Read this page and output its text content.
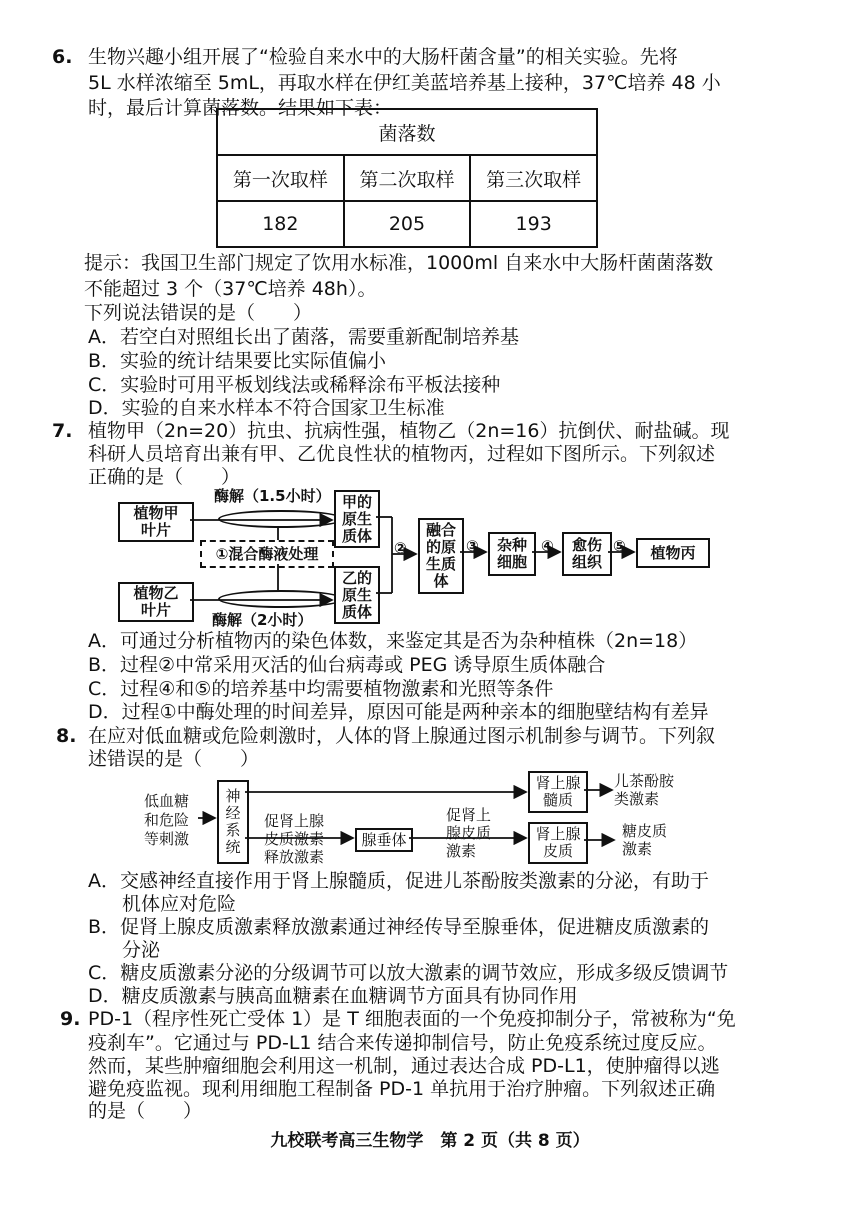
6. 生物兴趣小组开展了“检验自来水中的大肠杆菌含量”的相关实验。先将
5L 水样浓缩至 5mL，再取水样在伊红美蓝培养基上接种，37℃培养 48 小
时，最后计算菌落数。结果如下表：
菌落数		
第一次取样	第二次取样	第三次取样
182	205	193
提示：我国卫生部门规定了饮用水标准，1000ml 自来水中大肠杆菌菌落数
不能超过 3 个（37℃培养 48h）。
下列说法错误的是（　　）
A．若空白对照组长出了菌落，需要重新配制培养基
B．实验的统计结果要比实际值偏小
C．实验时可用平板划线法或稀释涂布平板法接种
D．实验的自来水样本不符合国家卫生标准
7. 植物甲（2n=20）抗虫、抗病性强，植物乙（2n=16）抗倒伏、耐盐碱。现
科研人员培育出兼有甲、乙优良性状的植物丙，过程如下图所示。下列叙述
正确的是（　　）
植物甲
叶片
酶解（1.5小时） 甲的
原生
质体
①混合酶液处理
植物乙
叶片
酶解（2小时）
乙的
原生
质体
②
融合
的原
生质
体
③ 杂种
细胞
④ 愈伤
组织
⑤ 植物丙
A．可通过分析植物丙的染色体数，来鉴定其是否为杂种植株（2n=18）
B．过程②中常采用灭活的仙台病毒或 PEG 诱导原生质体融合
C．过程④和⑤的培养基中均需要植物激素和光照等条件
D．过程①中酶处理的时间差异，原因可能是两种亲本的细胞壁结构有差异
8. 在应对低血糖或危险刺激时，人体的肾上腺通过图示机制参与调节。下列叙
述错误的是（　　）
低血糖
和危险
等刺激
神
经
系
统
促肾上腺
皮质激素
释放激素
腺垂体
促肾上
腺皮质
激素
肾上腺
髓质
肾上腺
皮质
儿茶酚胺
类激素
糖皮质
激素
A．交感神经直接作用于肾上腺髓质，促进儿茶酚胺类激素的分泌，有助于
机体应对危险
B．促肾上腺皮质激素释放激素通过神经传导至腺垂体，促进糖皮质激素的
分泌
C．糖皮质激素分泌的分级调节可以放大激素的调节效应，形成多级反馈调节
D．糖皮质激素与胰高血糖素在血糖调节方面具有协同作用
9. PD-1（程序性死亡受体 1）是 T 细胞表面的一个免疫抑制分子，常被称为“免
疫刹车”。它通过与 PD-L1 结合来传递抑制信号，防止免疫系统过度反应。
然而，某些肿瘤细胞会利用这一机制，通过表达合成 PD-L1，使肿瘤得以逃
避免疫监视。现利用细胞工程制备 PD-1 单抗用于治疗肿瘤。下列叙述正确
的是（　　）
九校联考高三生物学　第 2 页（共 8 页）
